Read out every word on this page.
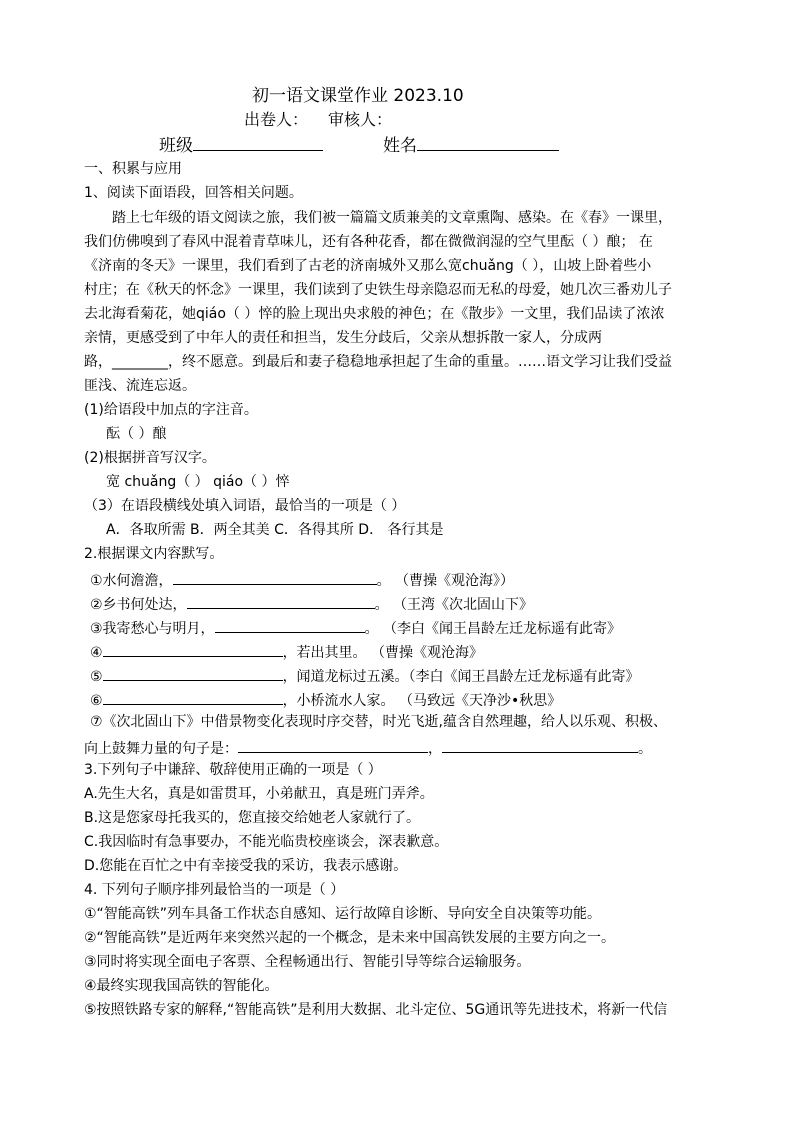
初一语文课堂作业 2023.10
出卷人： 审核人：
班级	姓名
一、积累与应用
1、阅读下面语段，回答相关问题。
踏上七年级的语文阅读之旅，我们被一篇篇文质兼美的文章熏陶、感染。在《春》一课里，
我们仿佛嗅到了春风中混着青草味儿，还有各种花香，都在微微润湿的空气里酝（ ）酿； 在
《济南的冬天》一课里，我们看到了古老的济南城外又那么宽chuǎng（ ），山坡上卧着些小
村庄；在《秋天的怀念》一课里，我们读到了史铁生母亲隐忍而无私的母爱，她几次三番劝儿子
去北海看菊花，她qiáo（ ）悴的脸上现出央求般的神色；在《散步》一文里，我们品读了浓浓
亲情，更感受到了中年人的责任和担当，发生分歧后，父亲从想拆散一家人，分成两
路，________，终不愿意。到最后和妻子稳稳地承担起了生命的重量。……语文学习让我们受益
匪浅、流连忘返。
(1)给语段中加点的字注音。
酝（ ）酿
(2)根据拼音写汉字。
宽 chuǎng（ ） qiáo（ ）悴
（3）在语段横线处填入词语，最恰当的一项是（ ）
A．各取所需 B．两全其美 C．各得其所 D． 各行其是
2.根据课文内容默写。
①水何澹澹，	。 （曹操《观沧海》）
②乡书何处达，	。 （王湾《次北固山下》
③我寄愁心与明月，	。 （李白《闻王昌龄左迁龙标遥有此寄》
④	，若出其里。 （曹操《观沧海》
⑤	，闻道龙标过五溪。（李白《闻王昌龄左迁龙标遥有此寄》
⑥	，小桥流水人家。 （马致远《天净沙•秋思》
⑦《次北固山下》中借景物变化表现时序交替，时光飞逝,蕴含自然理趣，给人以乐观、积极、
向上鼓舞力量的句子是：	，	。
3.下列句子中谦辞、敬辞使用正确的一项是（ ）
A.先生大名，真是如雷贯耳，小弟献丑，真是班门弄斧。
B.这是您家母托我买的，您直接交给她老人家就行了。
C.我因临时有急事要办，不能光临贵校座谈会，深表歉意。
D.您能在百忙之中有幸接受我的采访，我表示感谢。
4. 下列句子顺序排列最恰当的一项是（ ）
①“智能高铁”列车具备工作状态自感知、运行故障自诊断、导向安全自决策等功能。
②“智能高铁”是近两年来突然兴起的一个概念，是未来中国高铁发展的主要方向之一。
③同时将实现全面电子客票、全程畅通出行、智能引导等综合运输服务。
④最终实现我国高铁的智能化。
⑤按照铁路专家的解释,“智能高铁”是利用大数据、北斗定位、5G通讯等先进技术，将新一代信
